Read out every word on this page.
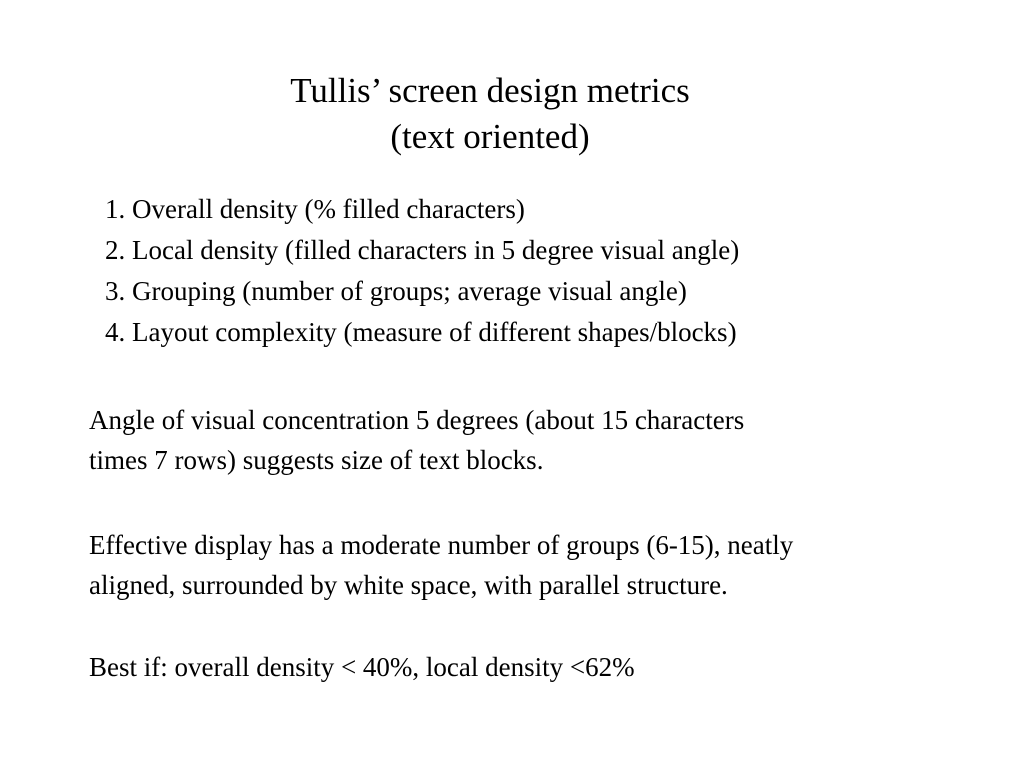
Tullis’ screen design metrics
(text oriented)
1. Overall density (% filled characters)
2. Local density (filled characters in 5 degree visual angle)
3. Grouping (number of groups; average visual angle)
4. Layout complexity (measure of different shapes/blocks)

Angle of visual concentration 5 degrees (about 15 characters
times 7 rows) suggests size of text blocks.

Effective display has a moderate number of groups (6-15), neatly
aligned, surrounded by white space, with parallel structure.

Best if: overall density < 40%, local density <62%
